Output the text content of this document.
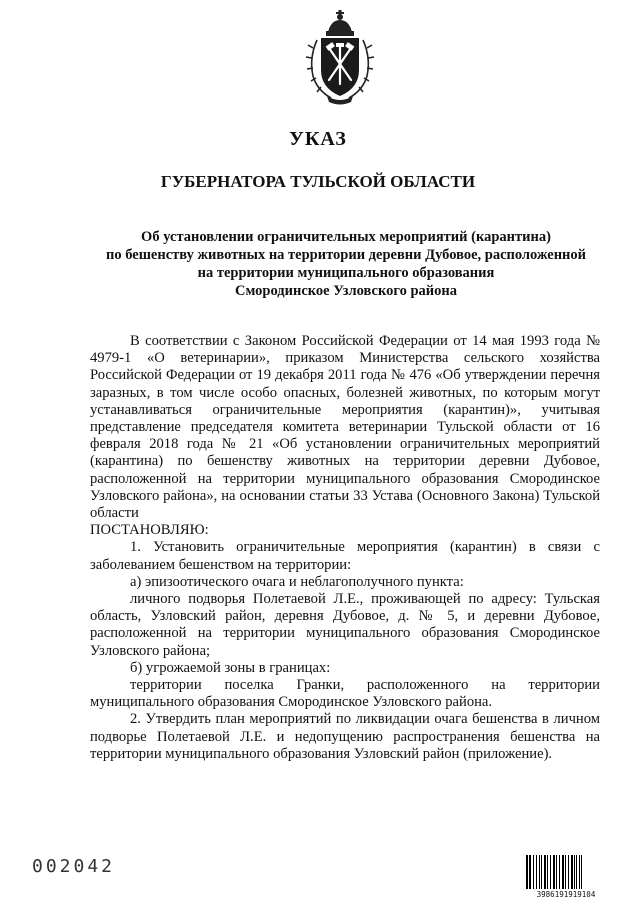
УКАЗ
ГУБЕРНАТОРА ТУЛЬСКОЙ ОБЛАСТИ
Об установлении ограничительных мероприятий (карантина)
по бешенству животных на территории деревни Дубовое, расположенной
на территории муниципального образования
Смородинское Узловского района

В соответствии с Законом Российской Федерации от 14 мая 1993 года № 4979-1 «О ветеринарии», приказом Министерства сельского хозяйства Российской Федерации от 19 декабря 2011 года № 476 «Об утверждении перечня заразных, в том числе особо опасных, болезней животных, по которым могут устанавливаться ограничительные мероприятия (карантин)», учитывая представление председателя комитета ветеринарии Тульской области от 16 февраля 2018 года № 21 «Об установлении ограничительных мероприятий (карантина) по бешенству животных на территории деревни Дубовое, расположенной на территории муниципального образования Смородинское Узловского района», на основании статьи 33 Устава (Основного Закона) Тульской области

ПОСТАНОВЛЯЮ:

1. Установить ограничительные мероприятия (карантин) в связи с заболеванием бешенством на территории:

а) эпизоотического очага и неблагополучного пункта:

личного подворья Полетаевой Л.Е., проживающей по адресу: Тульская область, Узловский район, деревня Дубовое, д. № 5, и деревни Дубовое, расположенной на территории муниципального образования Смородинское Узловского района;

б) угрожаемой зоны в границах:

территории поселка Гранки, расположенного на территории муниципального образования Смородинское Узловского района.

2. Утвердить план мероприятий по ликвидации очага бешенства в личном подворье Полетаевой Л.Е. и недопущению распространения бешенства на территории муниципального образования Узловский район (приложение).

002042
3986191919104
